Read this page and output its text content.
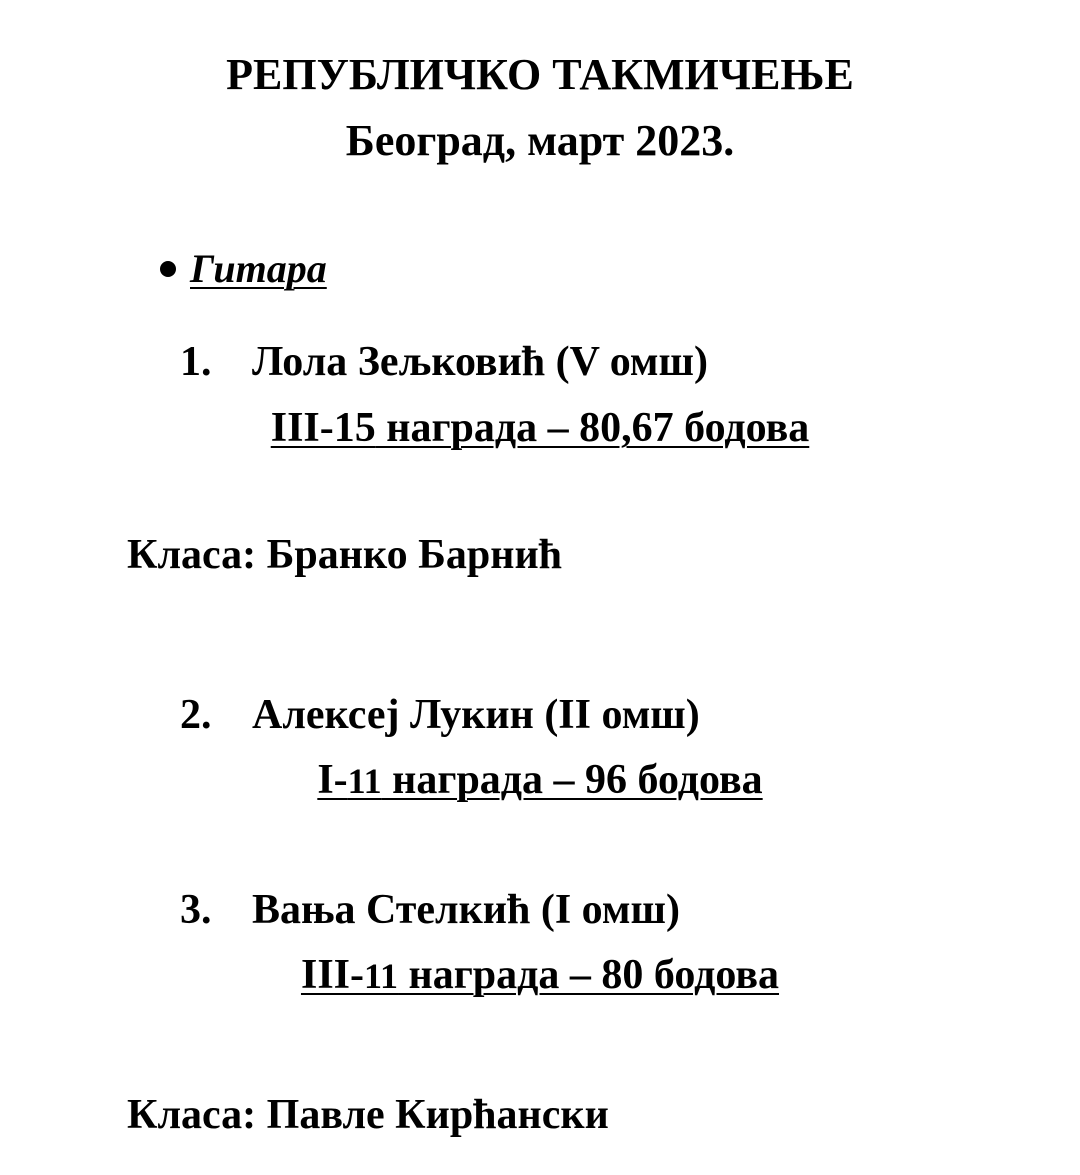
РЕПУБЛИЧКО ТАКМИЧЕЊЕ
Београд, март 2023.
Гитара
1. Лола Зељковић (V омш)
III-15 награда – 80,67 бодова
Класа: Бранко Барнић
2. Алексеј Лукин (II омш)
I-11 награда – 96 бодова
3. Вања Стелкић (I омш)
III-11 награда – 80 бодова
Класа: Павле Кирћански
